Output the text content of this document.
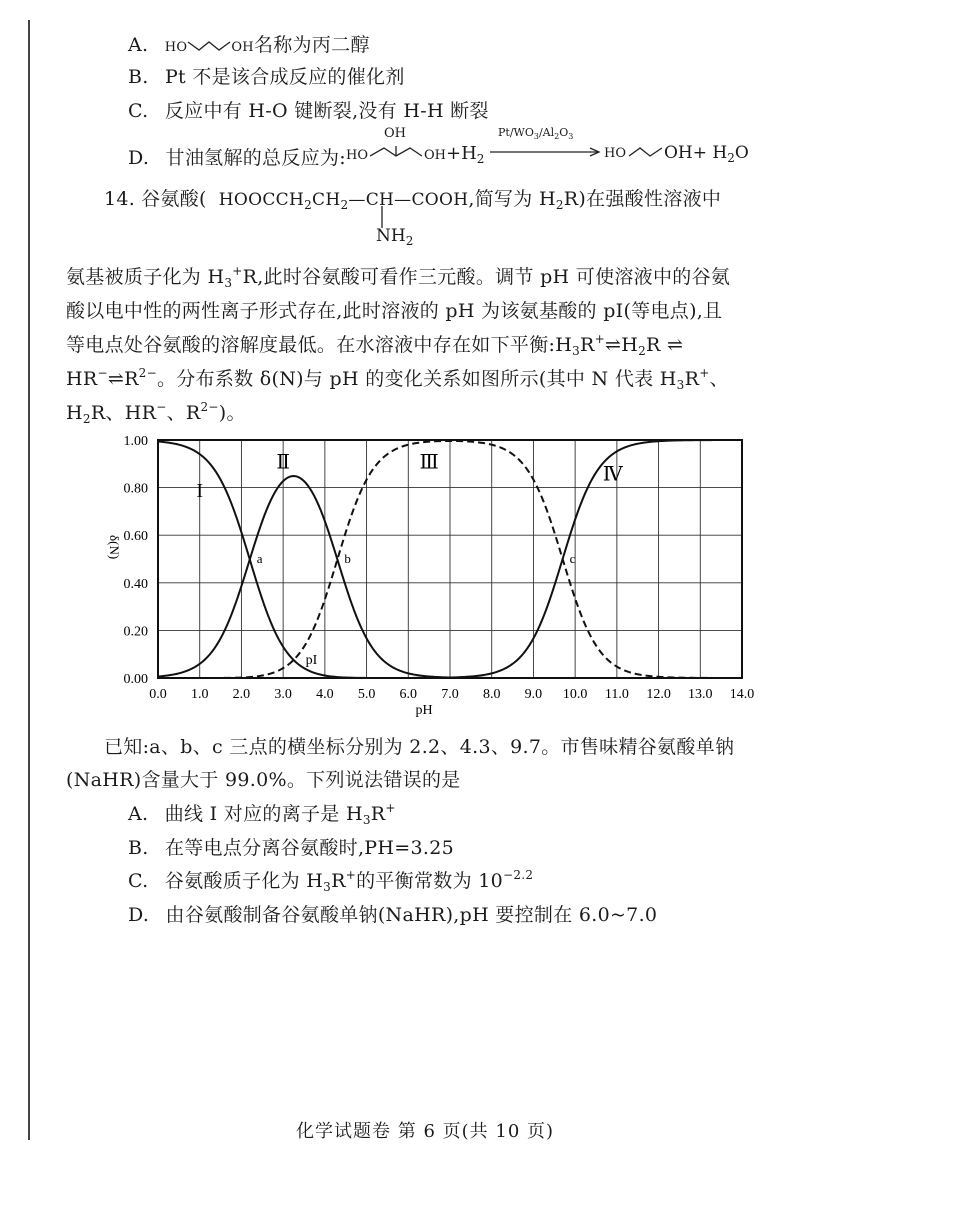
A. HO	OH名称为丙二醇
B. Pt 不是该合成反应的催化剂
C. 反应中有 H-O 键断裂,没有 H-H 断裂
D. 甘油氢解的总反应为:
OH
HO	OH $+H_2$
$Pt/WO_3/Al_2O_3$
HO $OH+ H_2O$
14. 谷氨酸( $HOOCCH_2CH_2—CH—COOH$,简写为 $H_2R$)在强酸性溶液中
$NH_2$
氨基被质子化为 $H_3^+R$,此时谷氨酸可看作三元酸。调节 pH 可使溶液中的谷氨
酸以电中性的两性离子形式存在,此时溶液的 pH 为该氨基酸的 pI(等电点),且
等电点处谷氨酸的溶解度最低。在水溶液中存在如下平衡$:H_3R^+\rightleftharpoons H_2R$ ⇌
$HR^-\rightleftharpoons R^{2-}$。分布系数 δ(N)与 pH 的变化关系如图所示(其中 N 代表 $H_3R^+$、
$H_2R$、HR−、$R^{2-}$)。
0.0 1.0 2.0 3.0 4.0 5.0 6.0 7.0 8.0 9.0 10.0 11.0 12.0 13.0 14.0
0.00
0.20
0.40
0.60
0.80
1.00
pH
δ(N)
I
Ⅱ	Ⅲ
Ⅳ
a	b	c
pI
已知:a、b、c 三点的横坐标分别为 2.2、4.3、9.7。市售味精谷氨酸单钠
(NaHR)含量大于 99.0%。下列说法错误的是
A. 曲线 I 对应的离子是 $H_3R^+$
B. 在等电点分离谷氨酸时,PH=3.25
C. 谷氨酸质子化为 $H_3R^+$的平衡常数为 $10^{-2.2}$
D. 由谷氨酸制备谷氨酸单钠(NaHR),pH 要控制在 6.0~7.0
化学试题卷 第 6 页(共 10 页)
